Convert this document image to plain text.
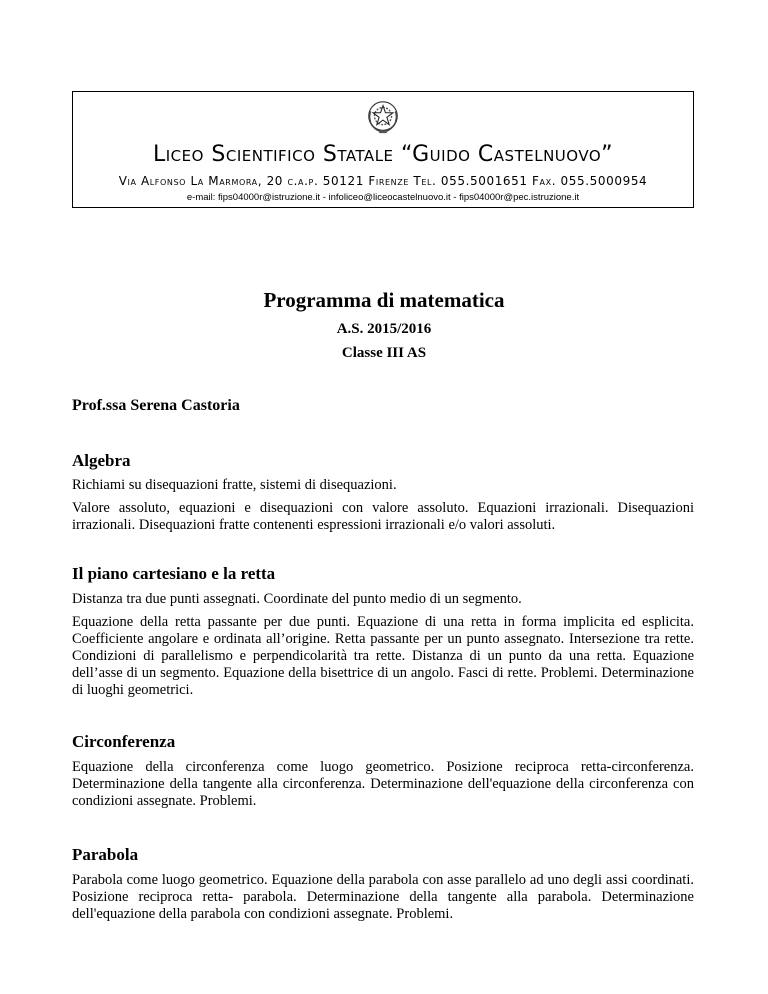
Liceo Scientifico Statale “Guido Castelnuovo”
Via Alfonso La Marmora, 20 c.a.p. 50121 Firenze Tel. 055.5001651 Fax. 055.5000954
e-mail: fips04000r@istruzione.it - infoliceo@liceocastelnuovo.it - fips04000r@pec.istruzione.it
Programma di matematica
A.S. 2015/2016
Classe III AS
Prof.ssa Serena Castoria
Algebra
Richiami su disequazioni fratte, sistemi di disequazioni.
Valore assoluto, equazioni e disequazioni con valore assoluto. Equazioni irrazionali. Disequazioni irrazionali. Disequazioni fratte contenenti espressioni irrazionali e/o valori assoluti.
Il piano cartesiano e la retta
Distanza tra due punti assegnati. Coordinate del punto medio di un segmento.
Equazione della retta passante per due punti. Equazione di una retta in forma implicita ed esplicita. Coefficiente angolare e ordinata all’origine. Retta passante per un punto assegnato. Intersezione tra rette. Condizioni di parallelismo e perpendicolarità tra rette. Distanza di un punto da una retta. Equazione dell’asse di un segmento. Equazione della bisettrice di un angolo. Fasci di rette. Problemi. Determinazione di luoghi geometrici.
Circonferenza
Equazione della circonferenza come luogo geometrico. Posizione reciproca retta-circonferenza. Determinazione della tangente alla circonferenza. Determinazione dell'equazione della circonferenza con condizioni assegnate. Problemi.
Parabola
Parabola come luogo geometrico. Equazione della parabola con asse parallelo ad uno degli assi coordinati. Posizione reciproca retta- parabola. Determinazione della tangente alla parabola. Determinazione dell'equazione della parabola con condizioni assegnate. Problemi.
